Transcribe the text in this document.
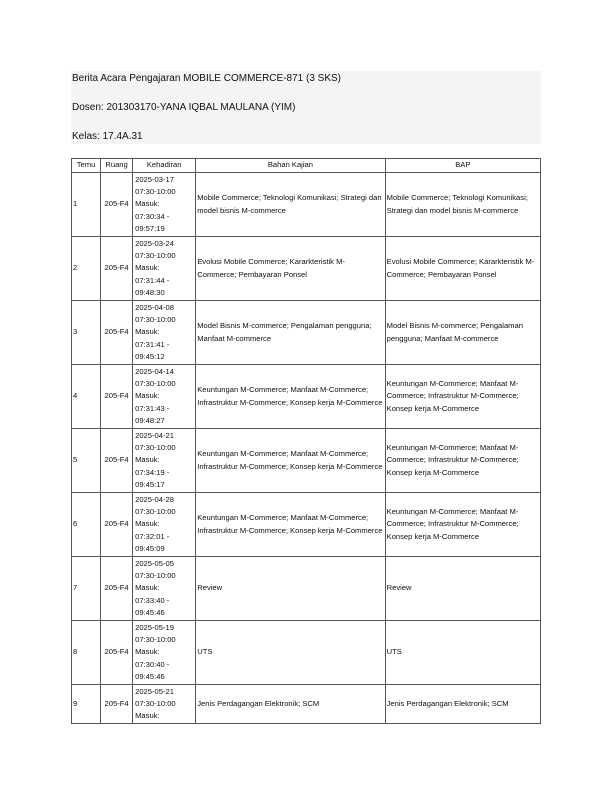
Berita Acara Pengajaran MOBILE COMMERCE-871 (3 SKS)
Dosen: 201303170-YANA IQBAL MAULANA (YIM)
Kelas: 17.4A.31
Temu	Ruang	Kehadiran	Bahan Kajian	BAP
1	205-F4	2025-03-17
07:30-10:00
Masuk:
07:30:34 -
09:57:19	Mobile Commerce; Teknologi Komunikasi; Strategi dan model bisnis M-commerce	Mobile Commerce; Teknologi Komunikasi; Strategi dan model bisnis M-commerce
2	205-F4	2025-03-24
07:30-10:00
Masuk:
07:31:44 -
09:48:30	Evolusi Mobile Commerce; Kararkteristik M-Commerce; Pembayaran Ponsel	Evolusi Mobile Commerce; Kararkteristik M-Commerce; Pembayaran Ponsel
3	205-F4	2025-04-08
07:30-10:00
Masuk:
07:31:41 -
09:45:12	Model Bisnis M-commerce; Pengalaman pengguna; Manfaat M-commerce	Model Bisnis M-commerce; Pengalaman pengguna; Manfaat M-commerce
4	205-F4	2025-04-14
07:30-10:00
Masuk:
07:31:43 -
09:48:27	Keuntungan M-Commerce; Manfaat M-Commerce; Infrastruktur M-Commerce; Konsep kerja M-Commerce	Keuntungan M-Commerce; Manfaat M-Commerce; Infrastruktur M-Commerce; Konsep kerja M-Commerce
5	205-F4	2025-04-21
07:30-10:00
Masuk:
07:34:19 -
09:45:17	Keuntungan M-Commerce; Manfaat M-Commerce; Infrastruktur M-Commerce; Konsep kerja M-Commerce	Keuntungan M-Commerce; Manfaat M-Commerce; Infrastruktur M-Commerce; Konsep kerja M-Commerce
6	205-F4	2025-04-28
07:30-10:00
Masuk:
07:32:01 -
09:45:09	Keuntungan M-Commerce; Manfaat M-Commerce; Infrastruktur M-Commerce; Konsep kerja M-Commerce	Keuntungan M-Commerce; Manfaat M-Commerce; Infrastruktur M-Commerce; Konsep kerja M-Commerce
7	205-F4	2025-05-05
07:30-10:00
Masuk:
07:33:40 -
09:45:46	Review	Review
8	205-F4	2025-05-19
07:30-10:00
Masuk:
07:30:40 -
09:45:46	UTS	UTS
9	205-F4	2025-05-21
07:30-10:00
Masuk:	Jenis Perdagangan Elektronik; SCM	Jenis Perdagangan Elektronik; SCM
